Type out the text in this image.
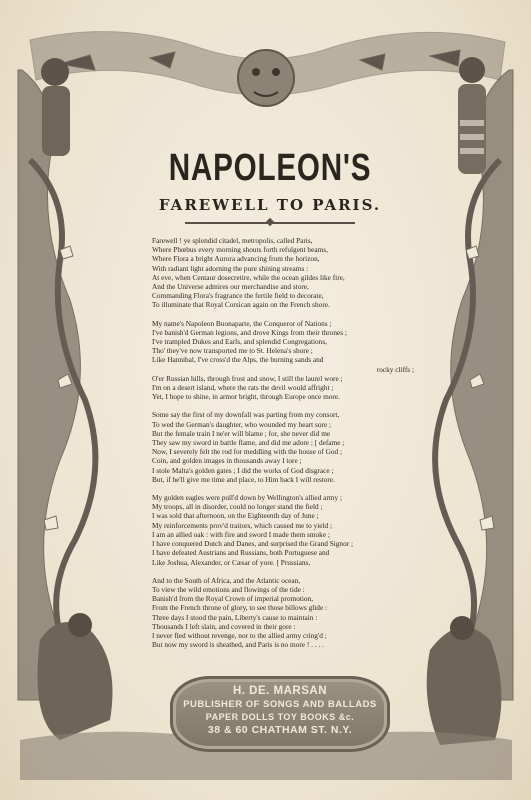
NAPOLEON'S
FAREWELL TO PARIS.
Farewell ! ye splendid citadel, metropolis, called Paris,
Where Phœbus every morning shouts forth refulgent beams,
Where Flora a bright Aurora advancing from the horizon,
With radiant light adorning the pure shining streams :
At eve, when Centaur dosecretire, while the ocean gildes like fire,
And the Universe admires our merchandise and store,
Commanding Flora's fragrance the fertile field to decorate,
To illuminate that Royal Corsican again on the French shore.
My name's Napoleon Buonaparte, the Conqueror of Nations ;
I've banish'd German legions, and drove Kings from their thrones ;
I've trampled Dukes and Earls, and splendid Congregations,
Tho' they've now transported me to St. Helena's shore ;
Like Hannibal, I've cross'd the Alps, the burning sands and
rocky cliffs ;
O'er Russian hills, through frost and snow, I still the laurel wore ;
I'm on a desert island, where the rats the devil would affright ;
Yet, I hope to shine, in armor bright, through Europe once more.
Some say the first of my downfall was parting from my consort,
To wed the German's daughter, who wounded my heart sore ;
But the female train I ne'er will blame ; for, she never did me
They saw my sword in battle flame, and did me adore ; [ defame ;
Now, I severely felt the rod for meddling with the house of God ;
Coin, and golden images in thousands away I tore ;
I stole Malta's golden gates ; I did the works of God disgrace ;
But, if he'll give me time and place, to Him back I will restore.
My golden eagles were pull'd down by Wellington's allied army ;
My troops, all in disorder, could no longer stand the field ;
I was sold that afternoon, on the Eighteenth day of June ;
My reinforcements prov'd traitors, which caused me to yield ;
I am an allied oak : with fire and sword I made them smoke ;
I have conquered Dutch and Danes, and surprised the Grand Signor ;
I have defeated Austrians and Russians, both Portuguese and
Like Joshua, Alexander, or Cæsar of yore. [ Prussians,
And to the South of Africa, and the Atlantic ocean,
To view the wild emotions and flowings of the tide :
Banish'd from the Royal Crown of imperial promotion,
From the French throne of glory, to see those billows glide :
Three days I stood the pain, Liberty's cause to maintain :
Thousands I left slain, and covered in their gore :
I never fled without revenge, nor to the allied army cring'd ;
But now my sword is sheathed, and Paris is no more ! . . . .
H. DE. MARSAN
PUBLISHER OF SONGS AND BALLADS
PAPER DOLLS TOY BOOKS &c.
38 & 60 CHATHAM ST. N.Y.
